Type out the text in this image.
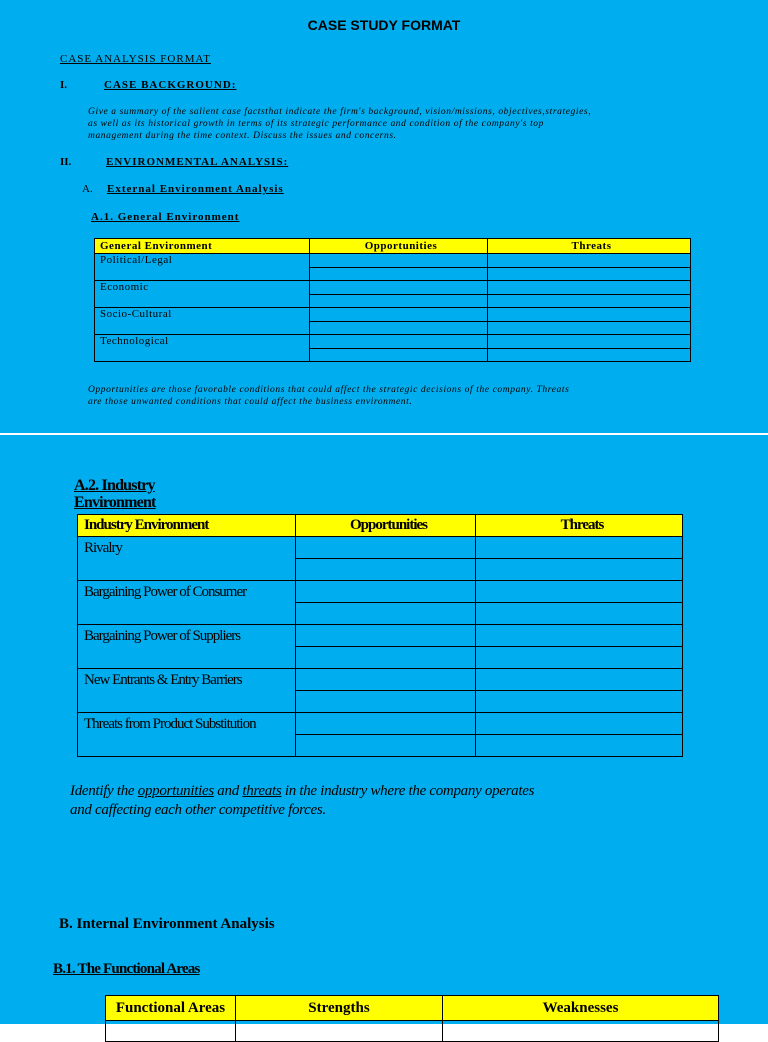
CASE STUDY FORMAT
CASE ANALYSIS FORMAT
I.	CASE BACKGROUND:
Give a summary of the salient case factsthat indicate the firm's background, vision/missions, objectives,strategies,
as well as its historical growth in terms of its strategic performance and condition of the company's top
management during the time context. Discuss the issues and concerns.
II.	ENVIRONMENTAL ANALYSIS:
A. External Environment Analysis
A.1. General Environment
General Environment	Opportunities	Threats
Political/Legal		

Economic		

Socio-Cultural		

Technological		

Opportunities are those favorable conditions that could affect the strategic decisions of the company. Threats
are those unwanted conditions that could affect the business environment.
A.2. Industry
Environment
Industry Environment	Opportunities	Threats
Rivalry		

Bargaining Power of Consumer		

Bargaining Power of Suppliers		

New Entrants & Entry Barriers		

Threats from Product Substitution		

Identify the opportunities and threats in the industry where the company operates
and caffecting each other competitive forces.
B. Internal Environment Analysis
B.1. The Functional Areas
Functional Areas	Strengths	Weaknesses
